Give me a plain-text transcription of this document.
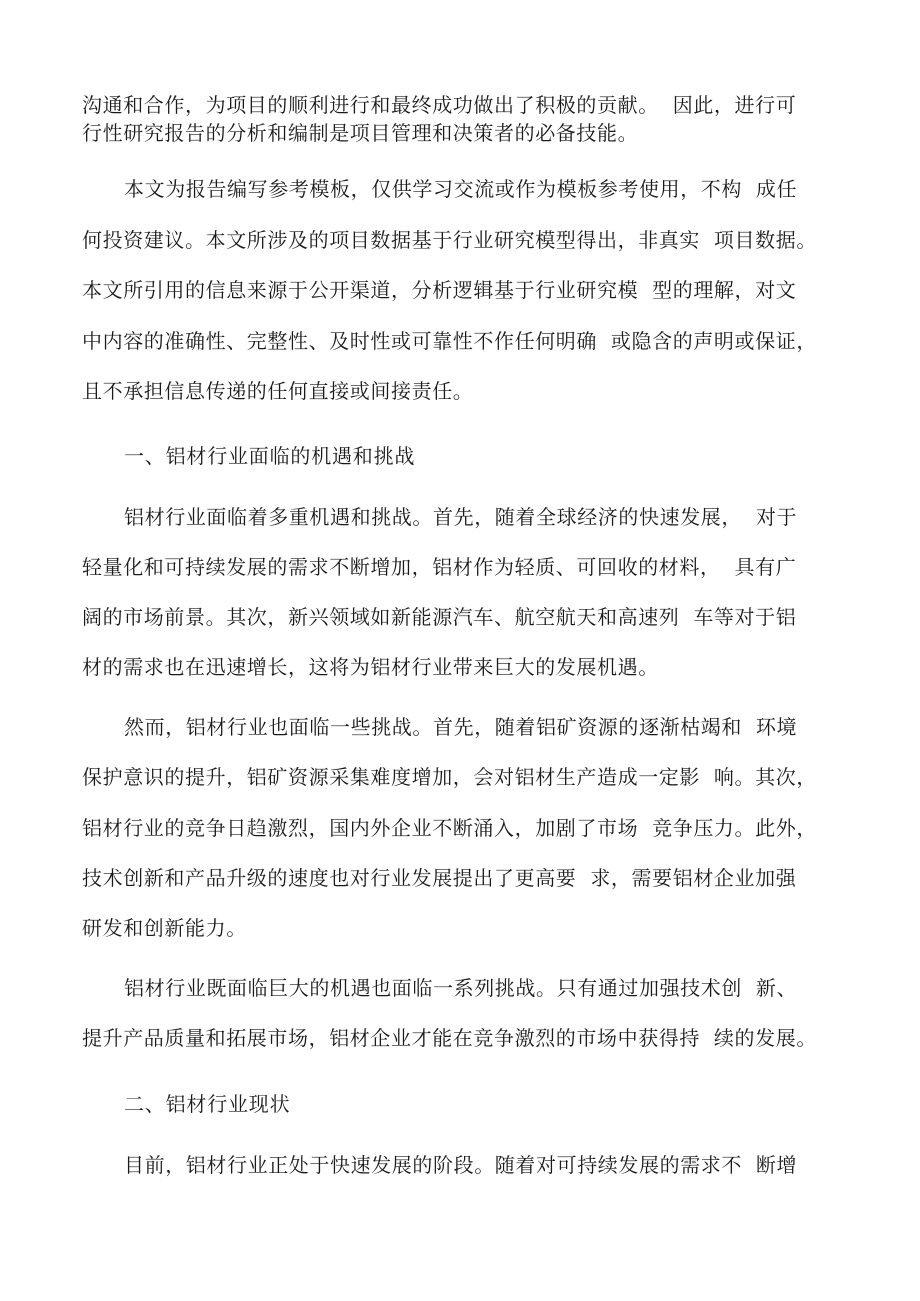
沟通和合作，为项目的顺利进行和最终成功做出了积极的贡献。  因此，进行可
行性研究报告的分析和编制是项目管理和决策者的必备技能。
本文为报告编写参考模板，仅供学习交流或作为模板参考使用，不构  成任
何投资建议。本文所涉及的项目数据基于行业研究模型得出，非真实  项目数据。
本文所引用的信息来源于公开渠道，分析逻辑基于行业研究模  型的理解，对文
中内容的准确性、完整性、及时性或可靠性不作任何明确  或隐含的声明或保证，
且不承担信息传递的任何直接或间接责任。
一、铝材行业面临的机遇和挑战
铝材行业面临着多重机遇和挑战。首先，随着全球经济的快速发展，  对于
轻量化和可持续发展的需求不断增加，铝材作为轻质、可回收的材料，  具有广
阔的市场前景。其次，新兴领域如新能源汽车、航空航天和高速列  车等对于铝
材的需求也在迅速增长，这将为铝材行业带来巨大的发展机遇。
然而，铝材行业也面临一些挑战。首先，随着铝矿资源的逐渐枯竭和  环境
保护意识的提升，铝矿资源采集难度增加，会对铝材生产造成一定影  响。其次，
铝材行业的竞争日趋激烈，国内外企业不断涌入，加剧了市场  竞争压力。此外，
技术创新和产品升级的速度也对行业发展提出了更高要  求，需要铝材企业加强
研发和创新能力。
铝材行业既面临巨大的机遇也面临一系列挑战。只有通过加强技术创  新、
提升产品质量和拓展市场，铝材企业才能在竞争激烈的市场中获得持  续的发展。
二、铝材行业现状
目前，铝材行业正处于快速发展的阶段。随着对可持续发展的需求不  断增
